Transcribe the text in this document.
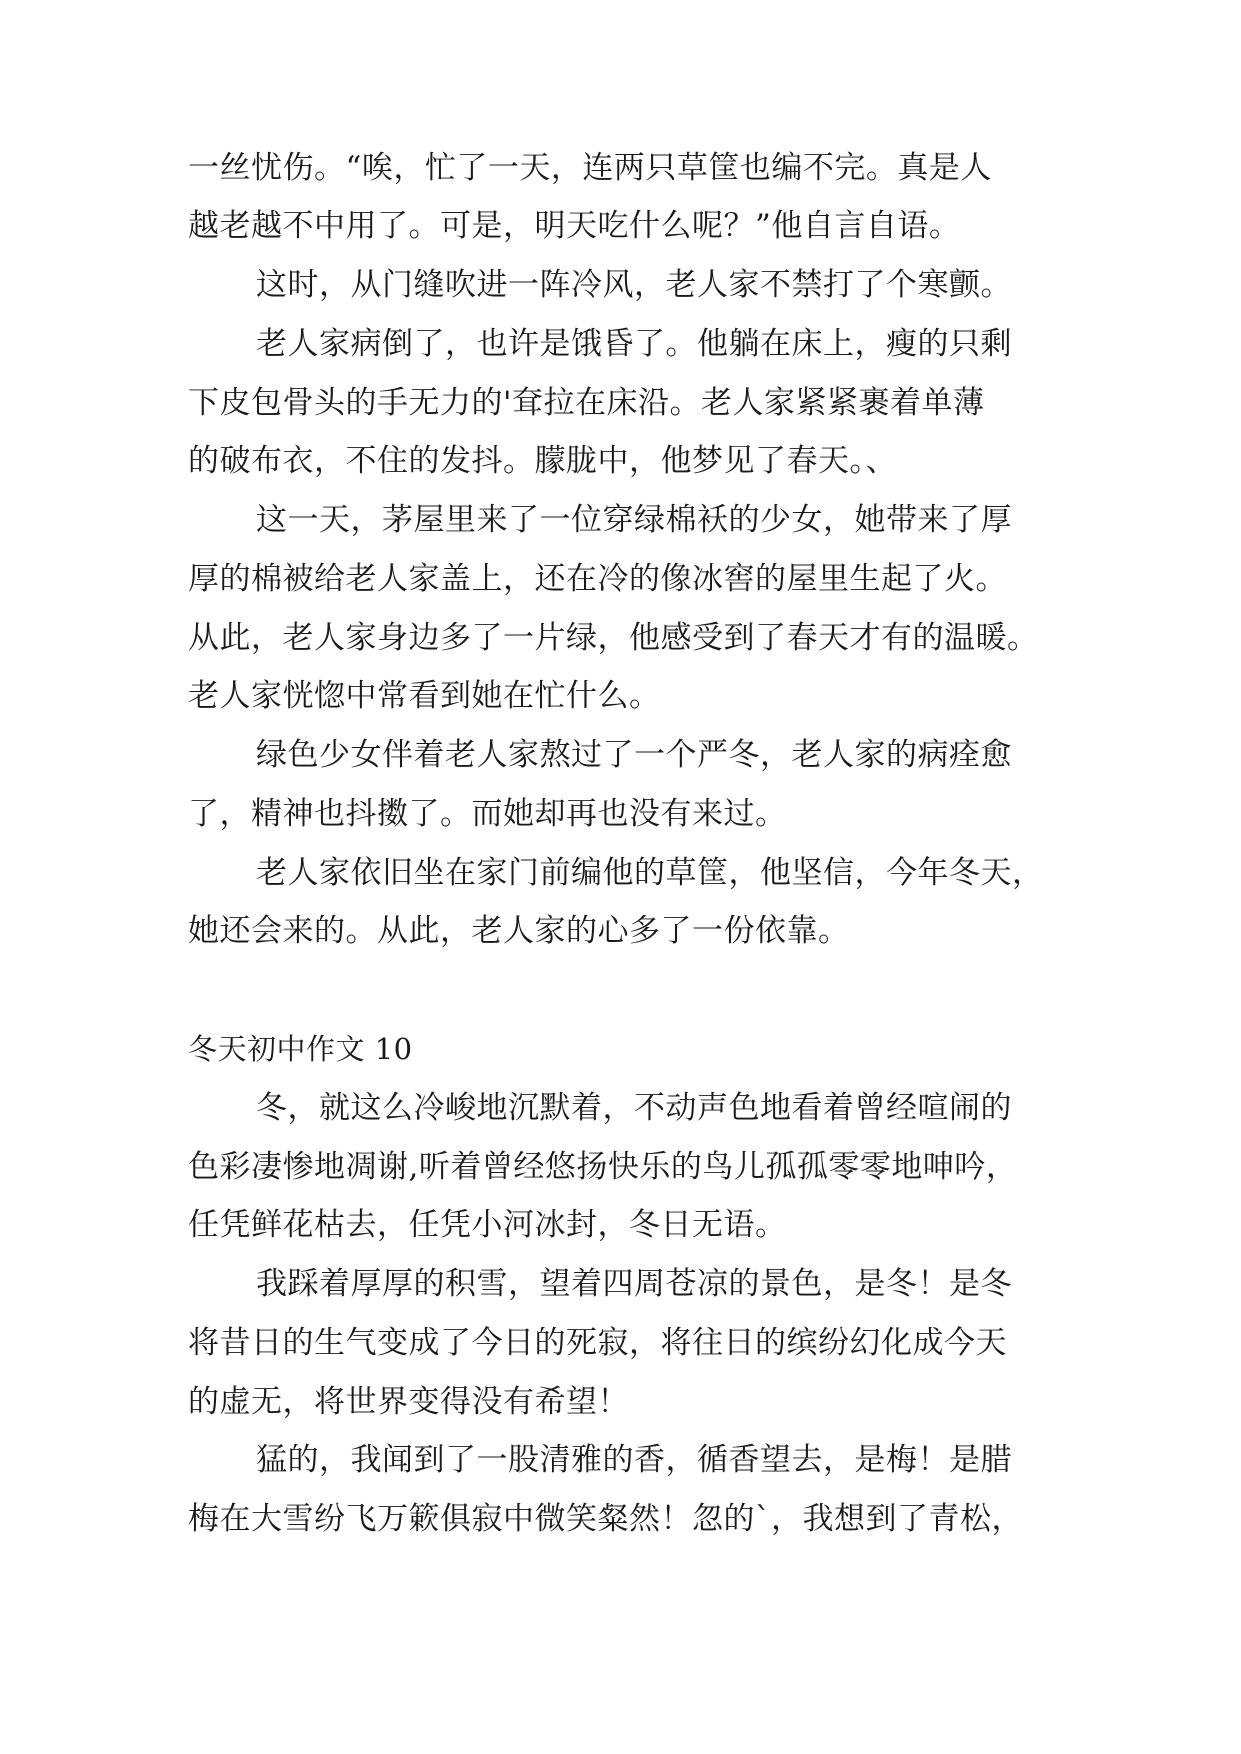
一丝忧伤。“唉，忙了一天，连两只草筐也编不完。真是人
越老越不中用了。可是，明天吃什么呢？”他自言自语。
这时，从门缝吹进一阵冷风，老人家不禁打了个寒颤。
老人家病倒了，也许是饿昏了。他躺在床上，瘦的只剩
下皮包骨头的手无力的'耷拉在床沿。老人家紧紧裹着单薄
的破布衣，不住的发抖。朦胧中，他梦见了春天。、
这一天，茅屋里来了一位穿绿棉袄的少女，她带来了厚
厚的棉被给老人家盖上，还在冷的像冰窖的屋里生起了火。
从此，老人家身边多了一片绿，他感受到了春天才有的温暖。
老人家恍惚中常看到她在忙什么。
绿色少女伴着老人家熬过了一个严冬，老人家的病痊愈
了，精神也抖擞了。而她却再也没有来过。
老人家依旧坐在家门前编他的草筐，他坚信，今年冬天，
她还会来的。从此，老人家的心多了一份依靠。
冬天初中作文 10
冬，就这么冷峻地沉默着，不动声色地看着曾经喧闹的
色彩凄惨地凋谢,听着曾经悠扬快乐的鸟儿孤孤零零地呻吟，
任凭鲜花枯去，任凭小河冰封，冬日无语。
我踩着厚厚的积雪，望着四周苍凉的景色，是冬！是冬
将昔日的生气变成了今日的死寂，将往日的缤纷幻化成今天
的虚无，将世界变得没有希望！
猛的，我闻到了一股清雅的香，循香望去，是梅！是腊
梅在大雪纷飞万簌俱寂中微笑粲然！忽的`，我想到了青松，
